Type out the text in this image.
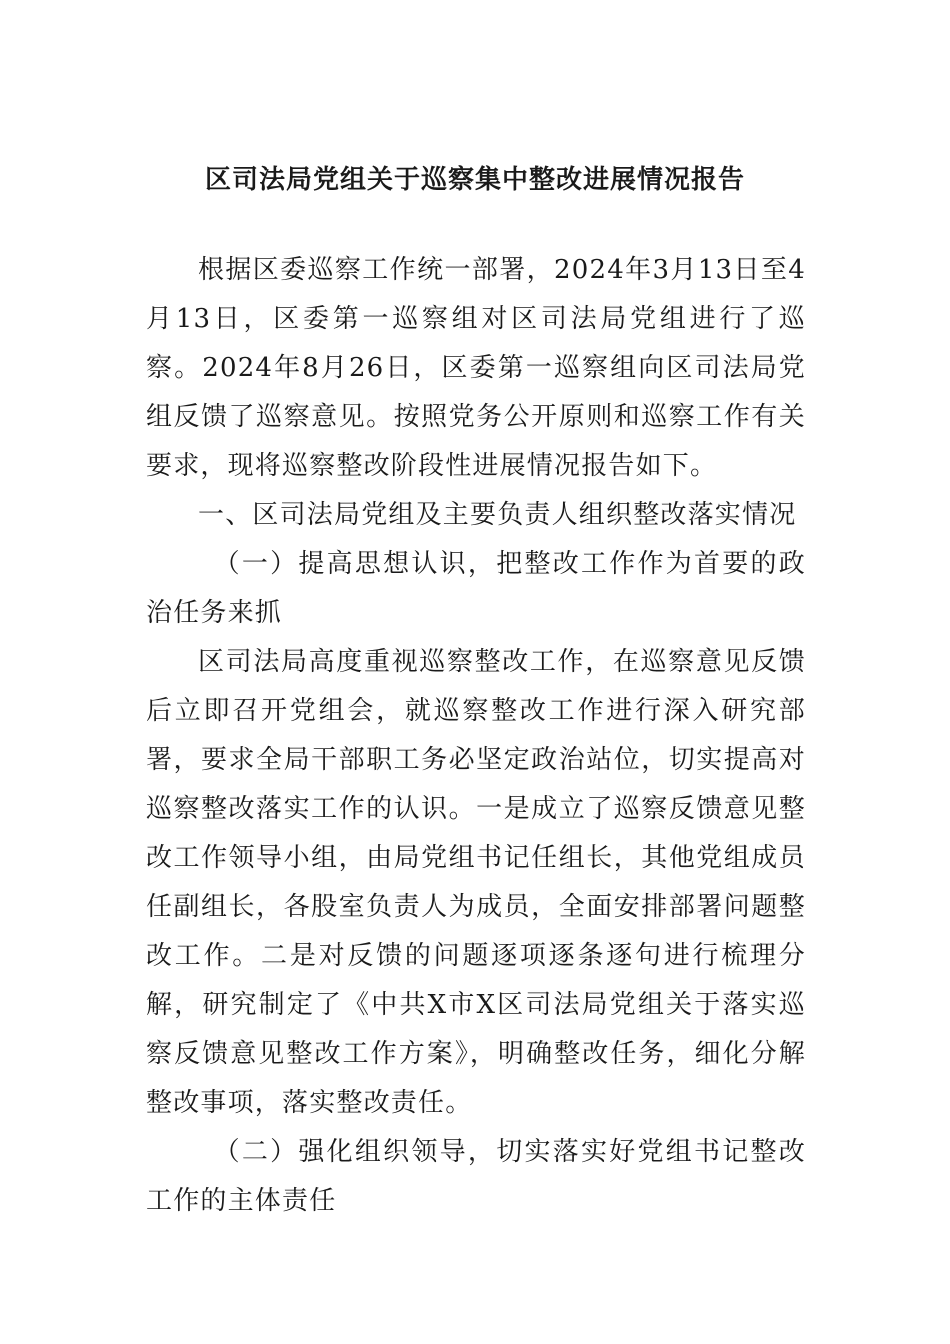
区司法局党组关于巡察集中整改进展情况报告

根据区委巡察工作统一部署，2024年3月13日至4月13日，区委第一巡察组对区司法局党组进行了巡察。2024年8月26日，区委第一巡察组向区司法局党组反馈了巡察意见。按照党务公开原则和巡察工作有关要求，现将巡察整改阶段性进展情况报告如下。

一、区司法局党组及主要负责人组织整改落实情况

（一）提高思想认识，把整改工作作为首要的政治任务来抓

区司法局高度重视巡察整改工作，在巡察意见反馈后立即召开党组会，就巡察整改工作进行深入研究部署，要求全局干部职工务必坚定政治站位，切实提高对巡察整改落实工作的认识。一是成立了巡察反馈意见整改工作领导小组，由局党组书记任组长，其他党组成员任副组长，各股室负责人为成员，全面安排部署问题整改工作。二是对反馈的问题逐项逐条逐句进行梳理分解，研究制定了《中共X市X区司法局党组关于落实巡察反馈意见整改工作方案》，明确整改任务，细化分解整改事项，落实整改责任。

（二）强化组织领导，切实落实好党组书记整改工作的主体责任
